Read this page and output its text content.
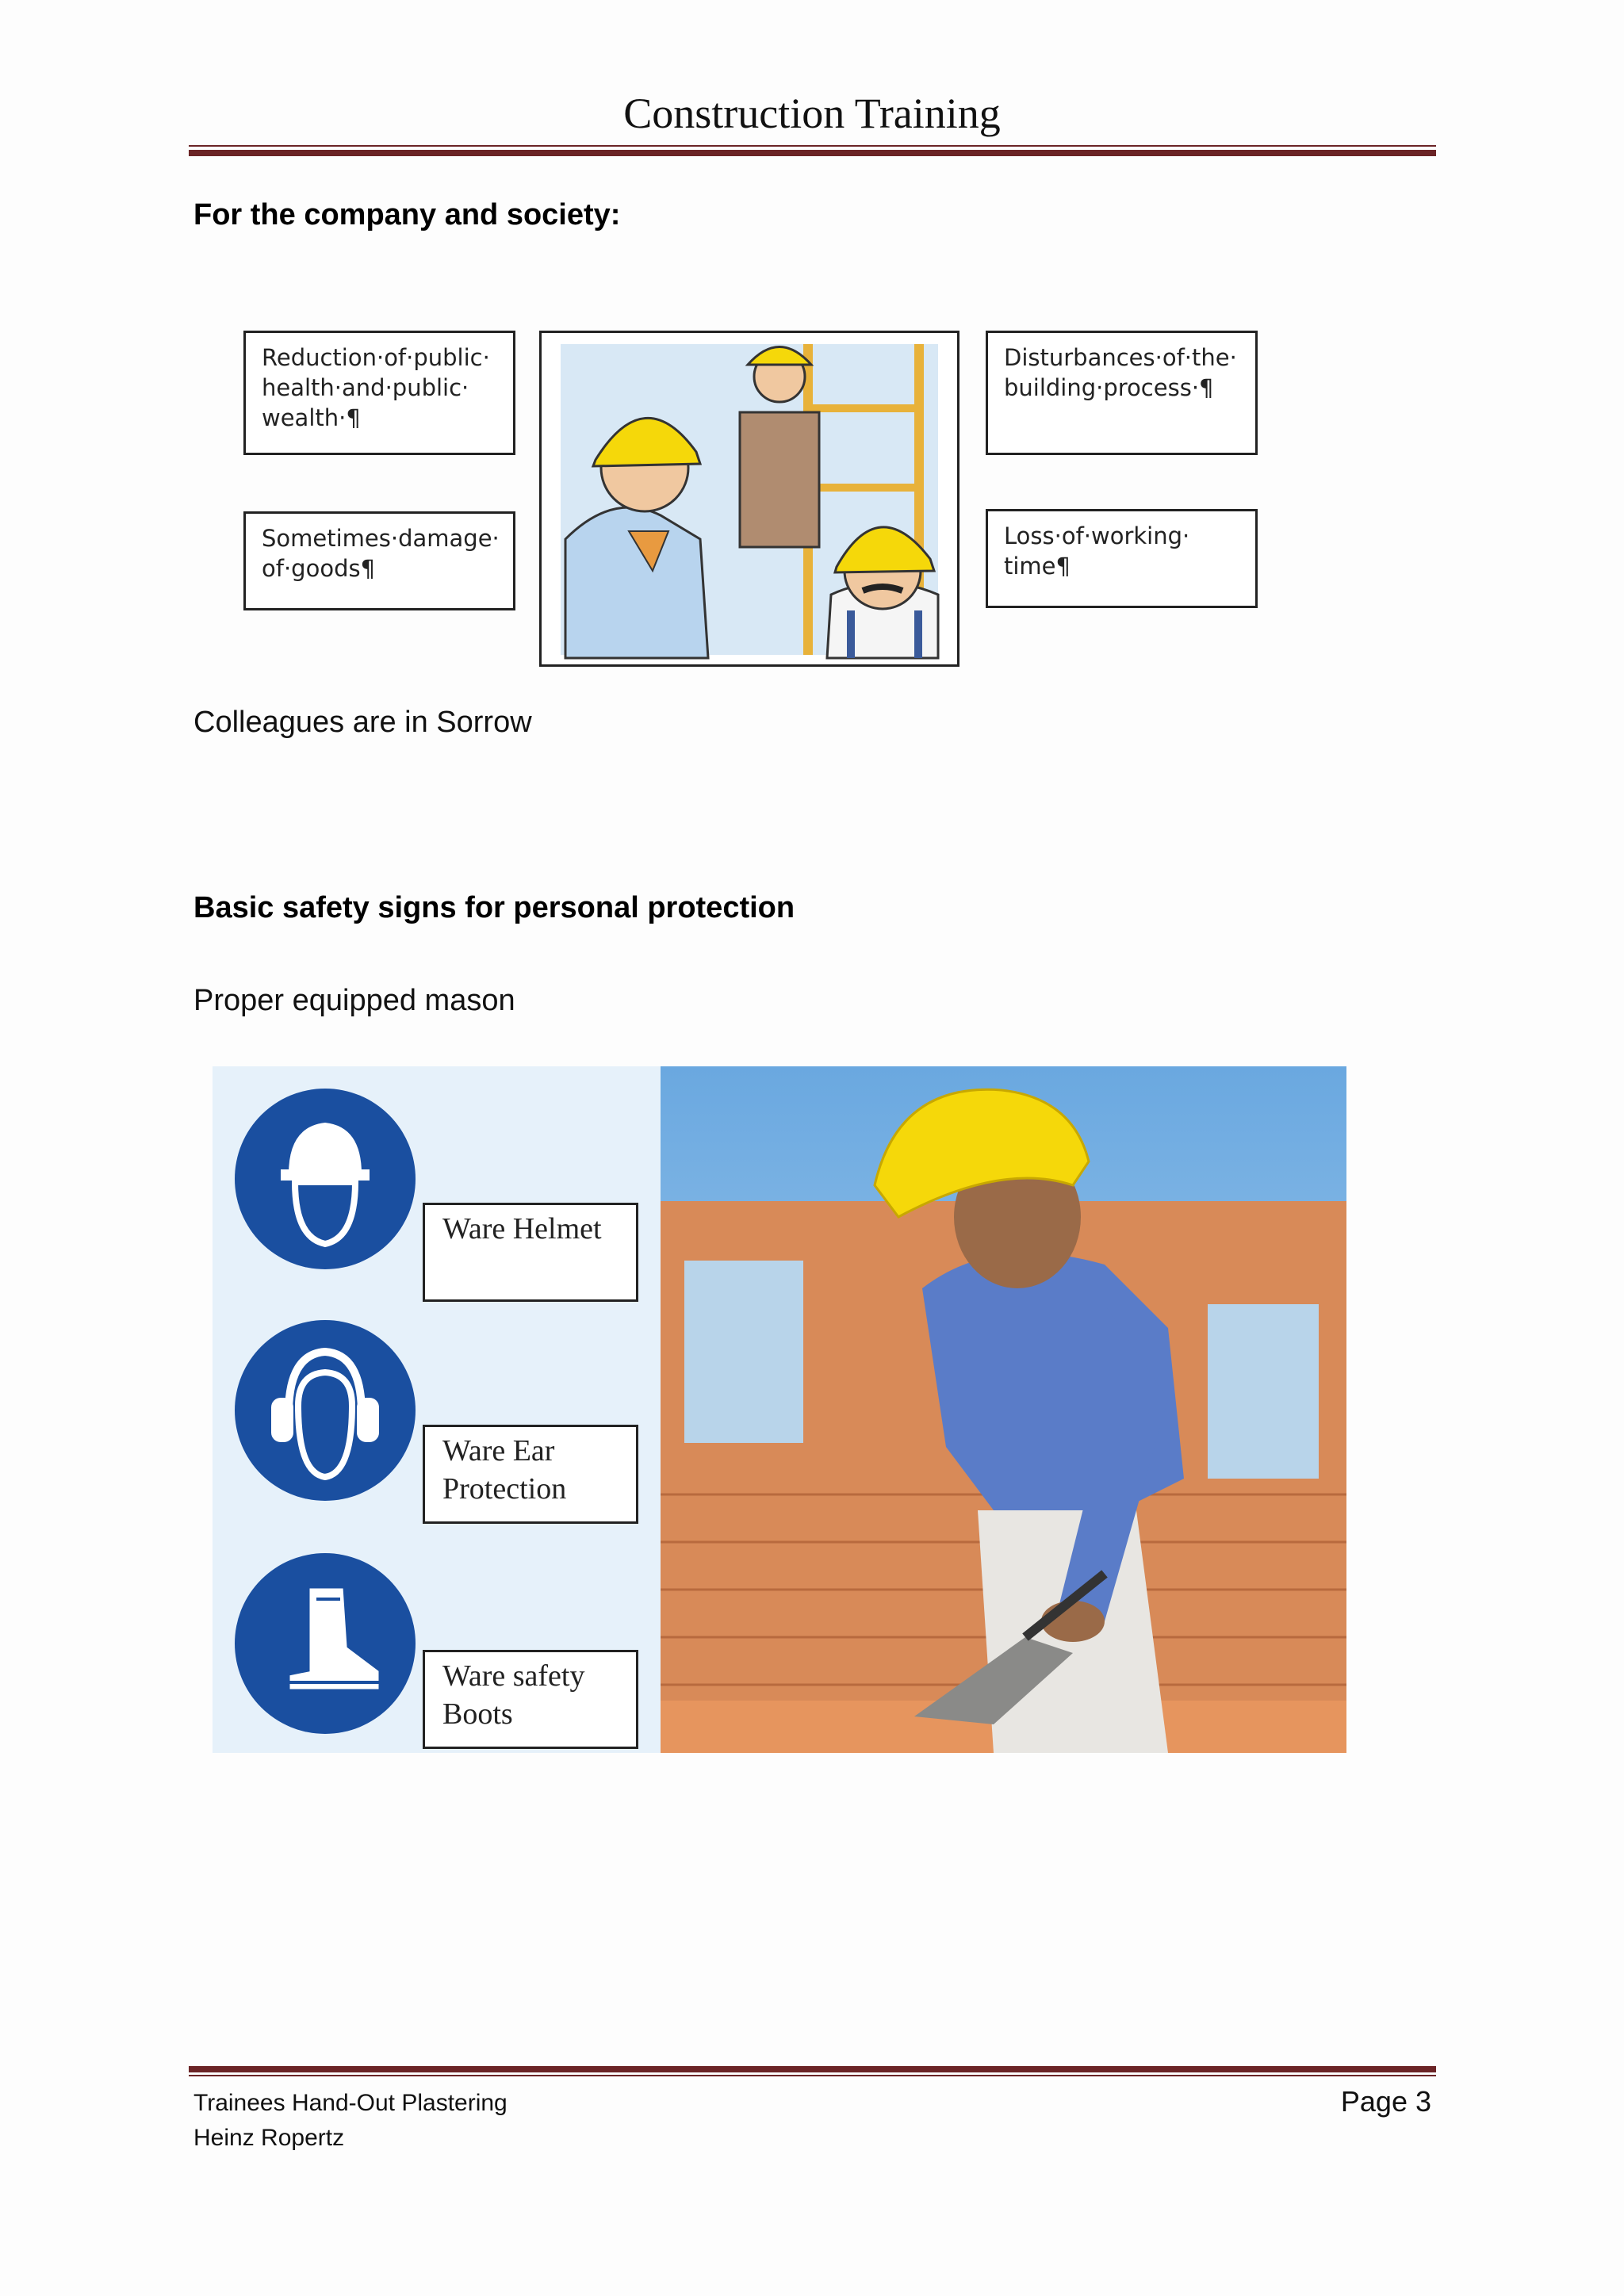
Construction Training
For the company and society:
Reduction·of·public· health·and·public· wealth·¶
Sometimes·damage· of·goods¶
Disturbances·of·the· building·process·¶
Loss·of·working· time¶
Colleagues are in Sorrow
Basic safety signs for personal protection
Proper equipped mason
Ware Helmet
Ware Ear Protection
Ware safety Boots
Trainees Hand-Out Plastering
Heinz Ropertz
Page 3
